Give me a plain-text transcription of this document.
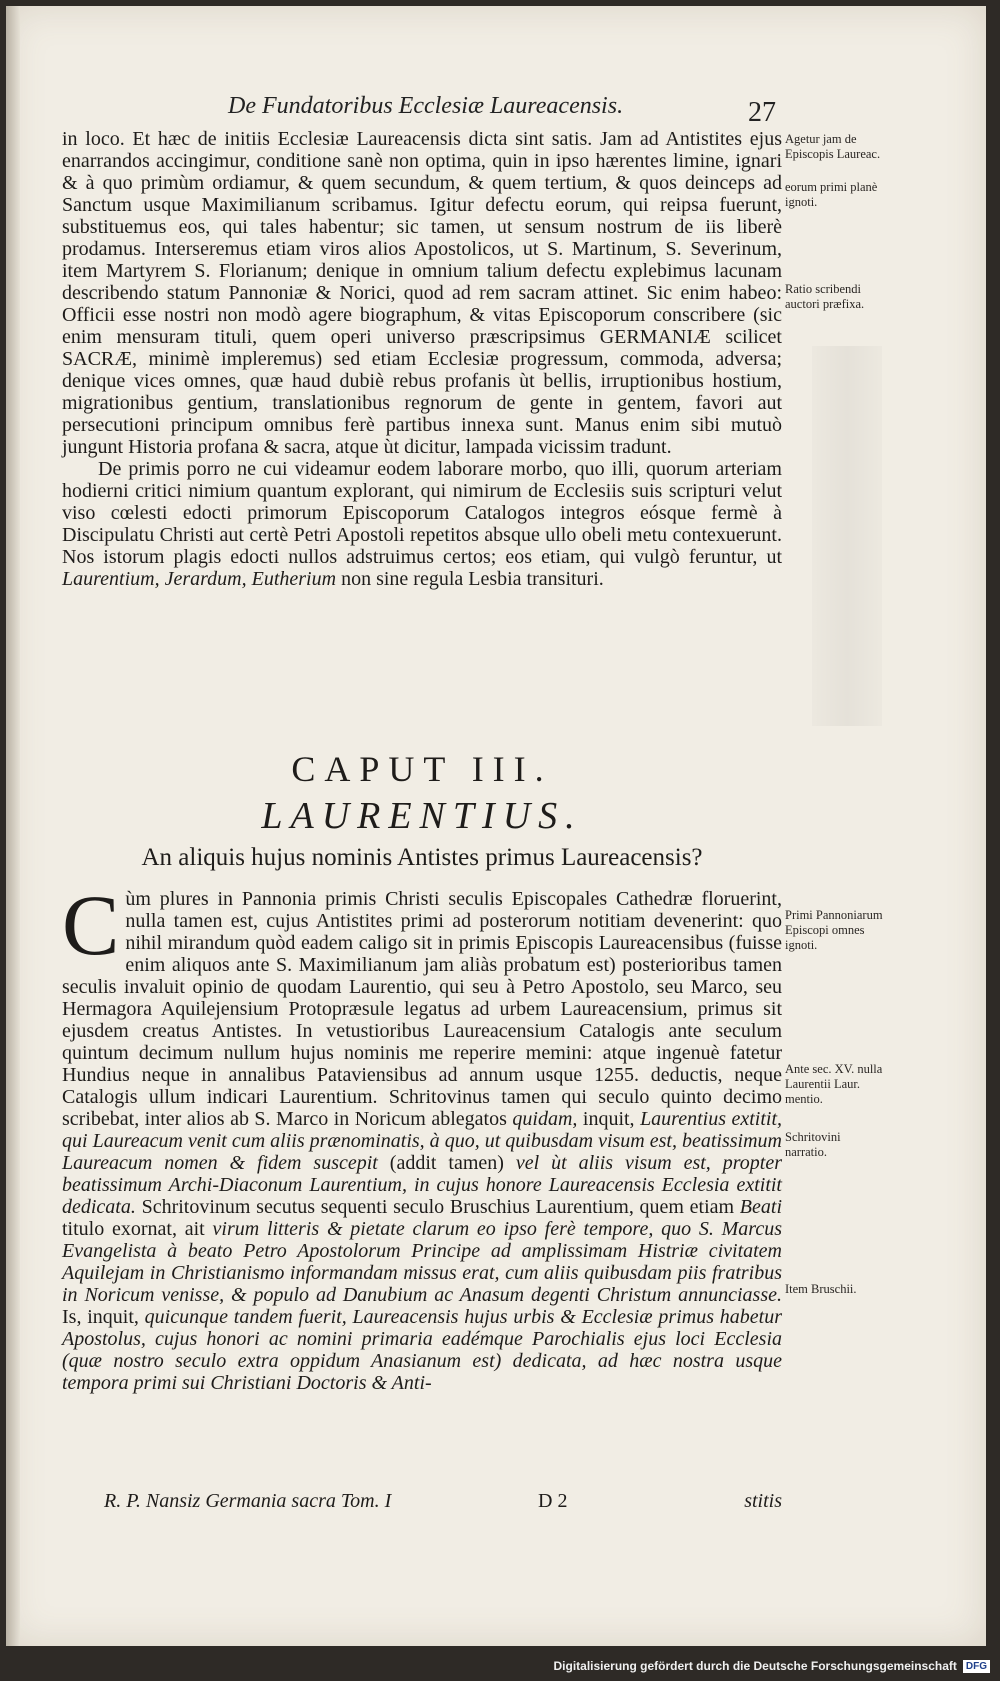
De Fundatoribus Ecclesiæ Laureacensis.	27

in loco. Et hæc de initiis Ecclesiæ Laureacensis dicta sint satis. Jam ad Antistites ejus enarrandos accingimur, conditione sanè non optima, quin in ipso hærentes limine, ignari & à quo primùm ordiamur, & quem secundum, & quem tertium, & quos deinceps ad Sanctum usque Maximilianum scribamus. Igitur defectu eorum, qui reipsa fuerunt, substituemus eos, qui tales habentur; sic tamen, ut sensum nostrum de iis liberè prodamus. Interseremus etiam viros alios Apostolicos, ut S. Martinum, S. Severinum, item Martyrem S. Florianum; denique in omnium talium defectu explebimus lacunam describendo statum Pannoniæ & Norici, quod ad rem sacram attinet. Sic enim habeo: Officii esse nostri non modò agere biographum, & vitas Episcoporum conscribere (sic enim mensuram tituli, quem operi universo præscripsimus GERMANIÆ scilicet SACRÆ, minimè impleremus) sed etiam Ecclesiæ progressum, commoda, adversa; denique vices omnes, quæ haud dubiè rebus profanis ùt bellis, irruptionibus hostium, migrationibus gentium, translationibus regnorum de gente in gentem, favori aut persecutioni principum omnibus ferè partibus innexa sunt. Manus enim sibi mutuò jungunt Historia profana & sacra, atque ùt dicitur, lampada vicissim tradunt.

De primis porro ne cui videamur eodem laborare morbo, quo illi, quorum arteriam hodierni critici nimium quantum explorant, qui nimirum de Ecclesiis suis scripturi velut viso cœlesti edocti primorum Episcoporum Catalogos integros eósque fermè à Discipulatu Christi aut certè Petri Apostoli repetitos absque ullo obeli metu contexuerunt. Nos istorum plagis edocti nullos adstruimus certos; eos etiam, qui vulgò feruntur, ut Laurentium, Jerardum, Eutherium non sine regula Lesbia transituri.

CAPUT III.
LAURENTIUS.
An aliquis hujus nominis Antistes primus Laureacensis?

Cùm plures in Pannonia primis Christi seculis Episcopales Cathedræ floruerint, nulla tamen est, cujus Antistites primi ad posterorum notitiam devenerint: quo nihil mirandum quòd eadem caligo sit in primis Episcopis Laureacensibus (fuisse enim aliquos ante S. Maximilianum jam aliàs probatum est) posterioribus tamen seculis invaluit opinio de quodam Laurentio, qui seu à Petro Apostolo, seu Marco, seu Hermagora Aquilejensium Protopræsule legatus ad urbem Laureacensium, primus sit ejusdem creatus Antistes. In vetustioribus Laureacensium Catalogis ante seculum quintum decimum nullum hujus nominis me reperire memini: atque ingenuè fatetur Hundius neque in annalibus Pataviensibus ad annum usque 1255. deductis, neque Catalogis ullum indicari Laurentium. Schritovinus tamen qui seculo quinto decimo scribebat, inter alios ab S. Marco in Noricum ablegatos quidam, inquit, Laurentius extitit, qui Laureacum venit cum aliis prænominatis, à quo, ut quibusdam visum est, beatissimum Laureacum nomen & fidem suscepit (addit tamen) vel ùt aliis visum est, propter beatissimum Archi-Diaconum Laurentium, in cujus honore Laureacensis Ecclesia extitit dedicata. Schritovinum secutus sequenti seculo Bruschius Laurentium, quem etiam Beati titulo exornat, ait virum litteris & pietate clarum eo ipso ferè tempore, quo S. Marcus Evangelista à beato Petro Apostolorum Principe ad amplissimam Histriæ civitatem Aquilejam in Christianismo informandam missus erat, cum aliis quibusdam piis fratribus in Noricum venisse, & populo ad Danubium ac Anasum degenti Christum annunciasse. Is, inquit, quicunque tandem fuerit, Laureacensis hujus urbis & Ecclesiæ primus habetur Apostolus, cujus honori ac nomini primaria eadémque Parochialis ejus loci Ecclesia (quæ nostro seculo extra oppidum Anasianum est) dedicata, ad hæc nostra usque tempora primi sui Christiani Doctoris & Anti-

R. P. Nansiz Germania sacra Tom. I	D 2	stitis
Agetur jam de Episcopis Laureac.
eorum primi planè ignoti.
Ratio scribendi auctori præfixa.
Primi Pannoniarum Episcopi omnes ignoti.
Ante sec. XV. nulla Laurentii Laur. mentio.
Schritovini narratio.
Item Bruschii.
Digitalisierung gefördert durch die Deutsche Forschungsgemeinschaft DFG
